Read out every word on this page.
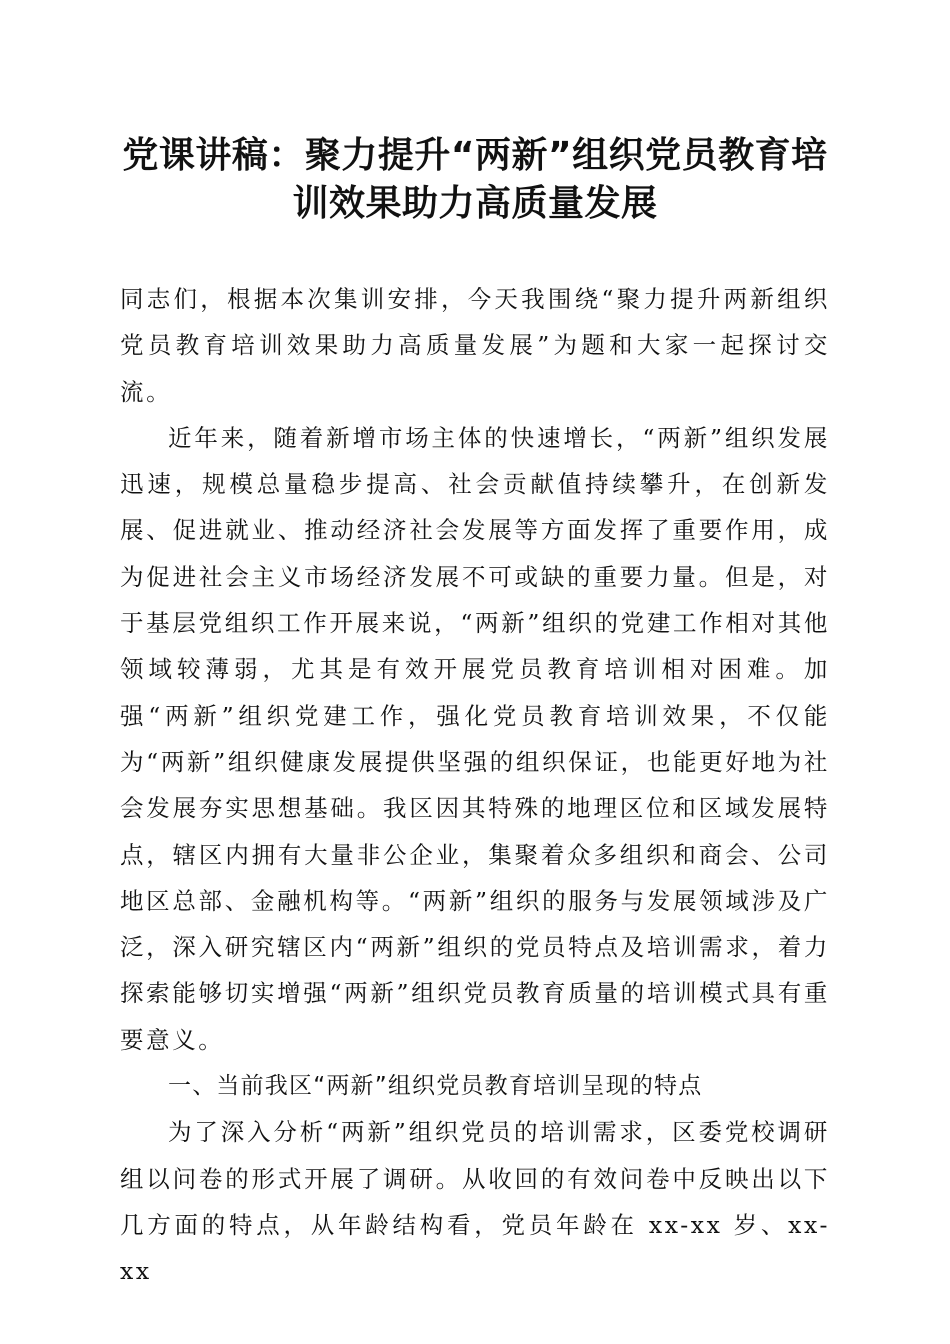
党课讲稿：聚力提升“两新”组织党员教育培
训效果助力高质量发展

同志们，根据本次集训安排，今天我围绕“聚力提升两新组织党员教育培训效果助力高质量发展”为题和大家一起探讨交流。

近年来，随着新增市场主体的快速增长，“两新”组织发展迅速，规模总量稳步提高、社会贡献值持续攀升，在创新发展、促进就业、推动经济社会发展等方面发挥了重要作用，成为促进社会主义市场经济发展不可或缺的重要力量。但是，对于基层党组织工作开展来说，“两新”组织的党建工作相对其他领域较薄弱，尤其是有效开展党员教育培训相对困难。加强“两新”组织党建工作，强化党员教育培训效果，不仅能为“两新”组织健康发展提供坚强的组织保证，也能更好地为社会发展夯实思想基础。我区因其特殊的地理区位和区域发展特点，辖区内拥有大量非公企业，集聚着众多组织和商会、公司地区总部、金融机构等。“两新”组织的服务与发展领域涉及广泛，深入研究辖区内“两新”组织的党员特点及培训需求，着力探索能够切实增强“两新”组织党员教育质量的培训模式具有重要意义。

一、当前我区“两新”组织党员教育培训呈现的特点

为了深入分析“两新”组织党员的培训需求，区委党校调研组以问卷的形式开展了调研。从收回的有效问卷中反映出以下几方面的特点，从年龄结构看，党员年龄在 xx-xx 岁、xx-xx
